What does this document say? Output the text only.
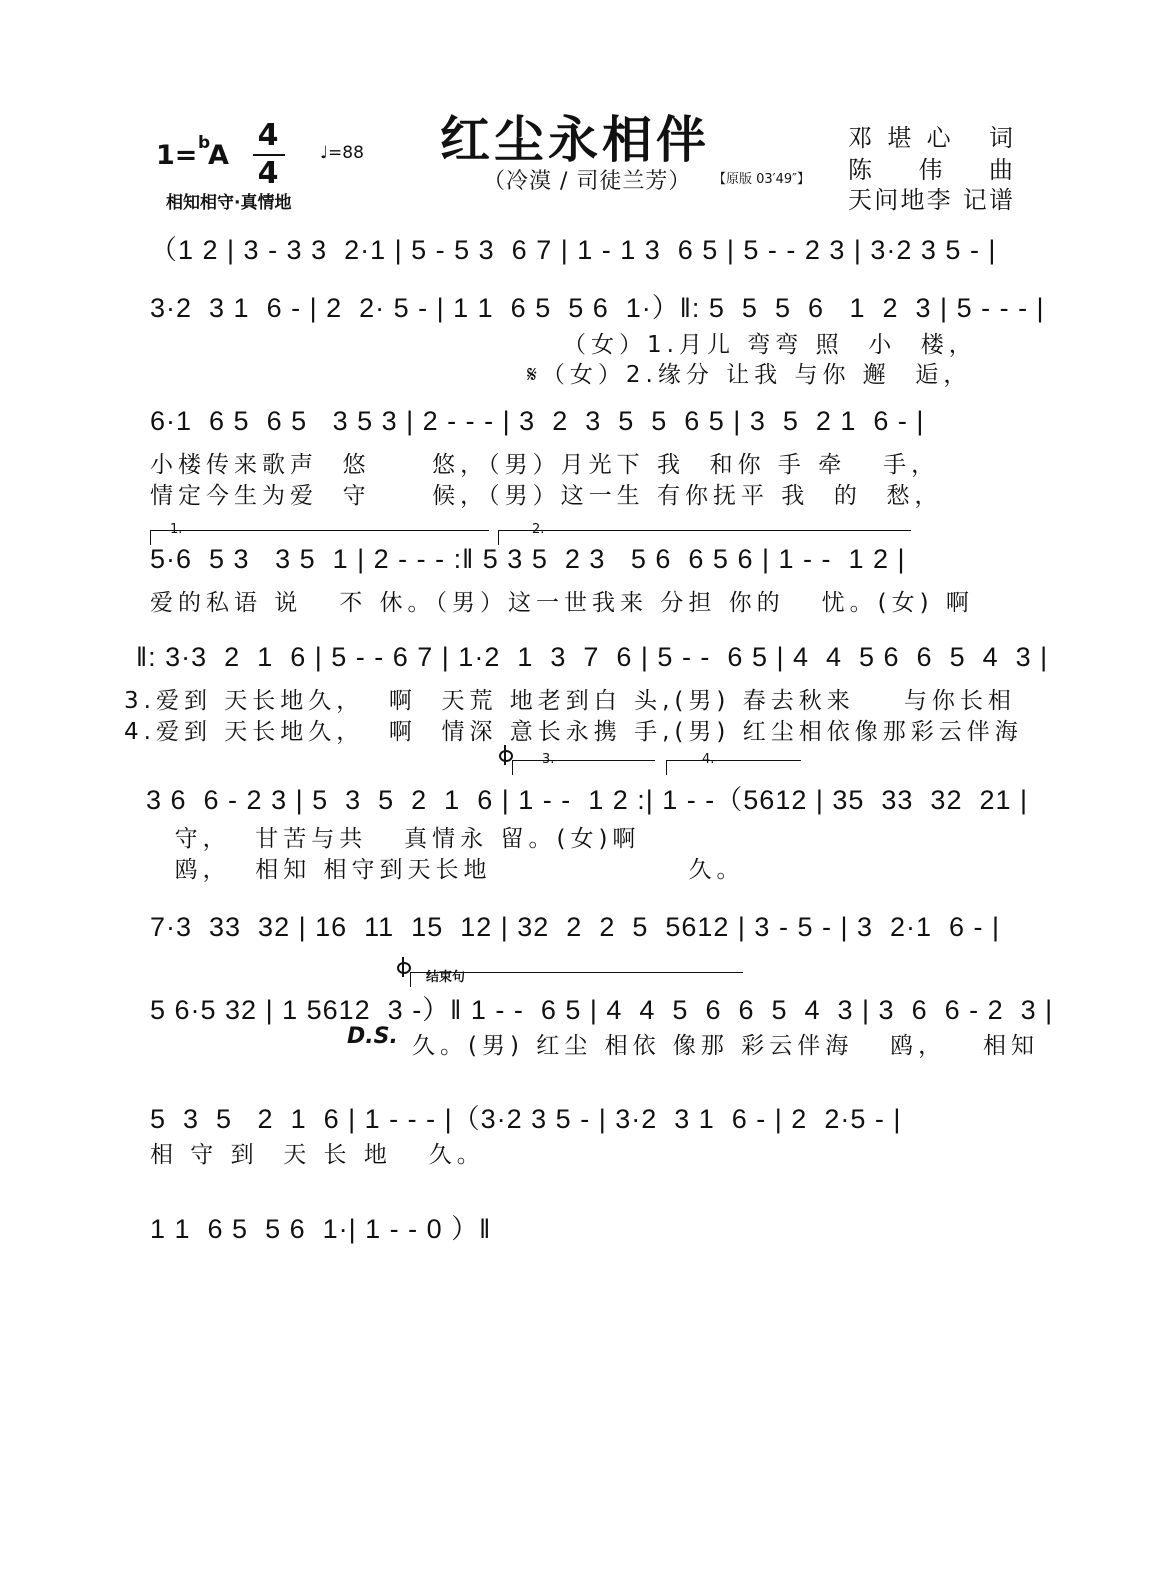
1= b
A
4
4
♩=88
相知相守·真情地
红尘永相伴
（冷漠 / 司徒兰芳） 【原版 03′49″】
邓堪心 词
陈 伟 曲
天问地李 记谱
（1 2 | 3 - 3 3  2·1 | 5 - 5 3  6 7 | 1 - 1 3  6 5 | 5 - - 2 3 | 3·2 3 5 - |
3·2  3 1  6 - | 2  2· 5 - | 1 1  6 5  5 6  1·）‖: 5  5  5  6   1  2  3 | 5 - - - |
（女）1.月儿 弯弯 照  小  楼，
𝄋（女）2.缘分 让我 与你 邂  逅，
6·1  6 5  6 5   3 5 3 | 2 - - - | 3  2  3  5  5  6 5 | 3  5  2 1  6 - |
小楼传来歌声  悠     悠，（男）月光下 我  和你 手 牵   手，
情定今生为爱  守     候，（男）这一生 有你抚平 我  的  愁，
1.	2.
5·6  5 3   3 5  1 | 2 - - - :‖ 5 3 5  2 3   5 6  6 5 6 | 1 - -  1 2 |
爱的私语 说   不 休。（男）这一世我来 分担 你的   忧。(女) 啊
‖: 3·3  2  1  6 | 5 - - 6 7 | 1·2  1  3  7  6 | 5 - -  6 5 | 4  4  5 6  6  5  4  3 |
3.爱到 天长地久，  啊  天荒 地老到白 头,(男) 春去秋来    与你长相
4.爱到 天长地久，  啊  情深 意长永携 手,(男) 红尘相依像那彩云伴海
3.	4.
3 6  6 - 2 3 | 5  3  5  2  1  6 | 1 - -  1 2 :| 1 - -（5612 | 35  33  32  21 |
守，  甘苦与共   真情永 留。(女)啊
鸥，  相知 相守到天长地                久。
7·3  33  32 | 16  11  15  12 | 32  2  2  5  5612 | 3 - 5 - | 3  2·1  6 - |
结束句
5 6·5 32 | 1 5612  3 -）‖ 1 - -  6 5 | 4  4  5  6  6  5  4  3 | 3  6  6 - 2  3 |
D.S. 久。(男) 红尘 相依 像那 彩云伴海   鸥，   相知
5  3  5   2  1  6 | 1 - - - |（3·2 3 5 - | 3·2  3 1  6 - | 2  2·5 - |
相 守 到  天 长 地   久。
1 1  6 5  5 6  1·| 1 - - 0 ）‖
